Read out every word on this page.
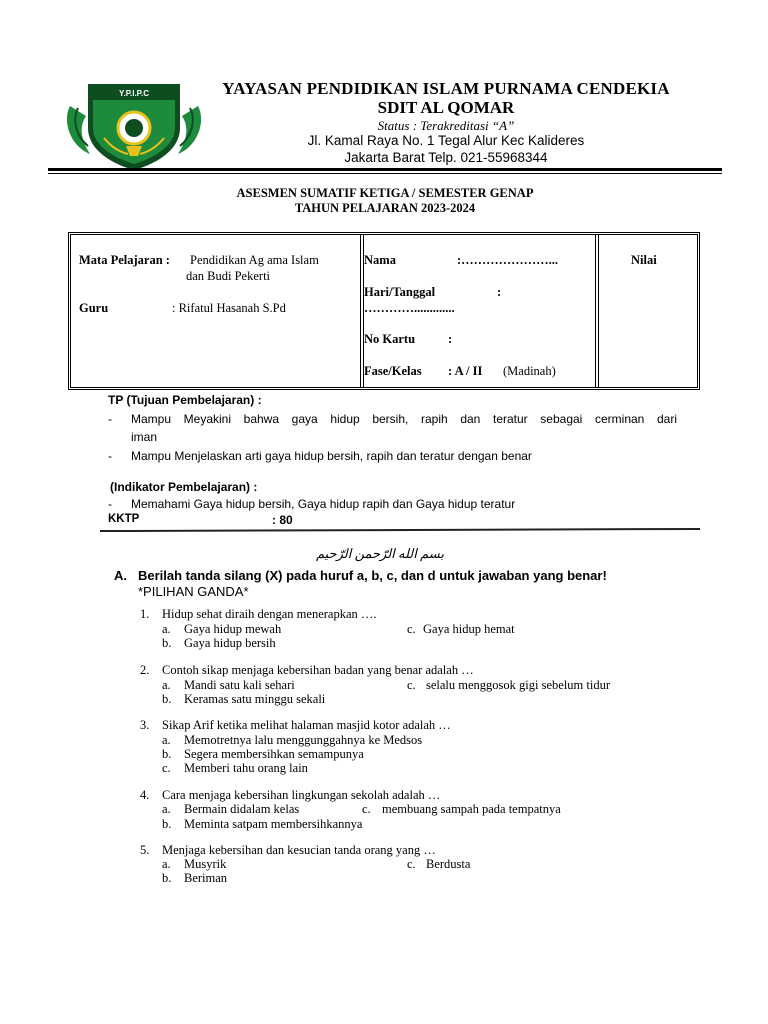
Y.P.I.P.C	YAYASAN PENDIDIKAN ISLAM PURNAMA CENDEKIA
SDIT AL QOMAR
Status : Terakreditasi “A”
Jl. Kamal Raya No. 1 Tegal Alur Kec Kalideres
Jakarta Barat Telp. 021-55968344
ASESMEN SUMATIF KETIGA / SEMESTER GENAP
TAHUN PELAJARAN 2023-2024
Mata Pelajaran : Pendidikan Ag ama Islam
dan Budi Pekerti
Guru	: Rifatul Hasanah S.Pd
Nama	:…………………...
Hari/Tanggal	:
………….............
No Kartu	:
Fase/Kelas : A / II (Madinah)
Nilai
TP (Tujuan Pembelajaran) :
- Mampu Meyakini bahwa gaya hidup bersih, rapih dan teratur sebagai cerminan dari
iman
- Mampu Menjelaskan arti gaya hidup bersih, rapih dan teratur dengan benar
(Indikator Pembelajaran) :
- Memahami Gaya hidup bersih, Gaya hidup rapih dan Gaya hidup teratur
KKTP	: 80
بسم الله الرّحمن الرّحيم
A. Berilah tanda silang (X) pada huruf a, b, c, dan d untuk jawaban yang benar!
*PILIHAN GANDA*
1. Hidup sehat diraih dengan menerapkan ….
a. Gaya hidup mewah	c. Gaya hidup hemat
b. Gaya hidup bersih
2. Contoh sikap menjaga kebersihan badan yang benar adalah …
a. Mandi satu kali sehari	c. selalu menggosok gigi sebelum tidur
b. Keramas satu minggu sekali
3. Sikap Arif ketika melihat halaman masjid kotor adalah …
a. Memotretnya lalu menggunggahnya ke Medsos
b. Segera membersihkan semampunya
c. Memberi tahu orang lain
4. Cara menjaga kebersihan lingkungan sekolah adalah …
a. Bermain didalam kelas	c. membuang sampah pada tempatnya
b. Meminta satpam membersihkannya
5. Menjaga kebersihan dan kesucian tanda orang yang …
a. Musyrik	c. Berdusta
b. Beriman
